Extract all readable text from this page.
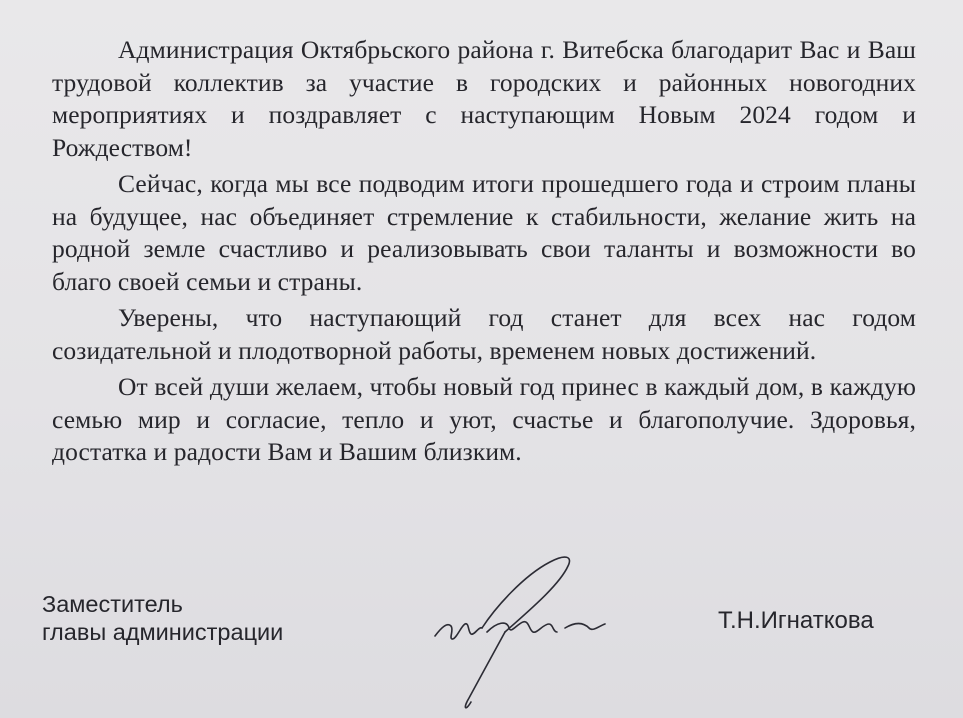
Администрация Октябрьского района г. Витебска благодарит Вас и Ваш трудовой коллектив за участие в городских и районных новогодних мероприятиях и поздравляет с наступающим Новым 2024 годом и Рождеством!

Сейчас, когда мы все подводим итоги прошедшего года и строим планы на будущее, нас объединяет стремление к стабильности, желание жить на родной земле счастливо и реализовывать свои таланты и возможности во благо своей семьи и страны.

Уверены, что наступающий год станет для всех нас годом созидательной и плодотворной работы, временем новых достижений.

От всей души желаем, чтобы новый год принес в каждый дом, в каждую семью мир и согласие, тепло и уют, счастье и благополучие. Здоровья, достатка и радости Вам и Вашим близким.

Заместитель
главы администрации	Т.Н.Игнаткова
